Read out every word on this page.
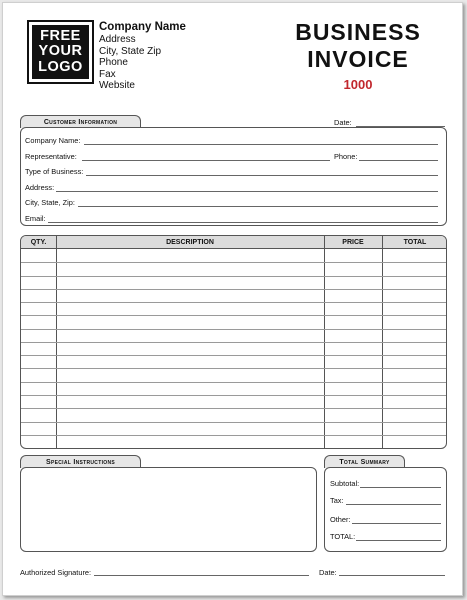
FREE
YOUR
LOGO
Company Name
Address
City, State Zip
Phone
Fax
Website
BUSINESS
INVOICE
1000
Customer Information	Date:
Company Name:
Representative:	Phone:
Type of Business:
Address:
City, State, Zip:
Email:
QTY.	DESCRIPTION	PRICE	TOTAL
Special Instructions	Total Summary
Subtotal:
Tax:
Other:
TOTAL:
Authorized Signature:	Date:
